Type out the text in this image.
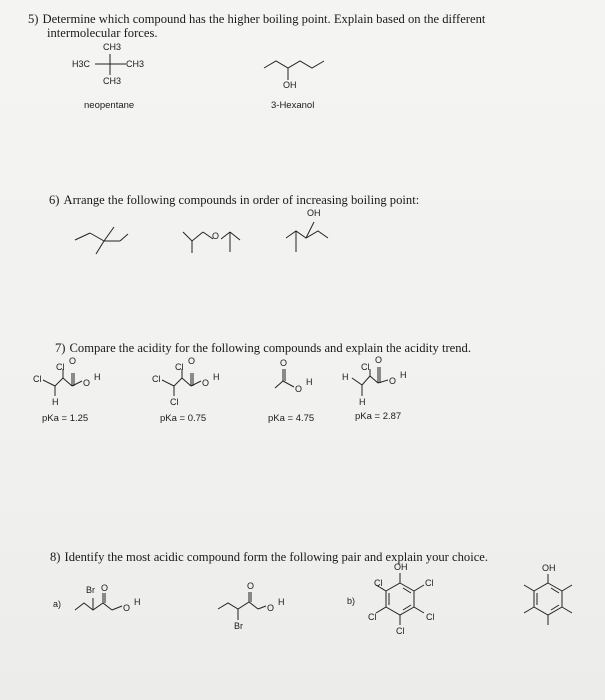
5) Determine which compound has the higher boiling point. Explain based on the different
intermolecular forces.
CH3
H3C	CH3
CH3
neopentane
OH
3-Hexanol
6) Arrange the following compounds in order of increasing boiling point:
O
OH
7) Compare the acidity for the following compounds and explain the acidity trend.
Cl
Cl
O
O
H
H
pKa = 1.25
Cl
Cl
O
O
H
Cl
pKa = 0.75
O
O
H
pKa = 4.75
H
Cl
O
O
H
H
pKa = 2.87
8) Identify the most acidic compound form the following pair and explain your choice.
a)	b)
Br O
O
H
O
O
H
Br
OH
Cl	Cl
Cl	Cl
Cl
OH
